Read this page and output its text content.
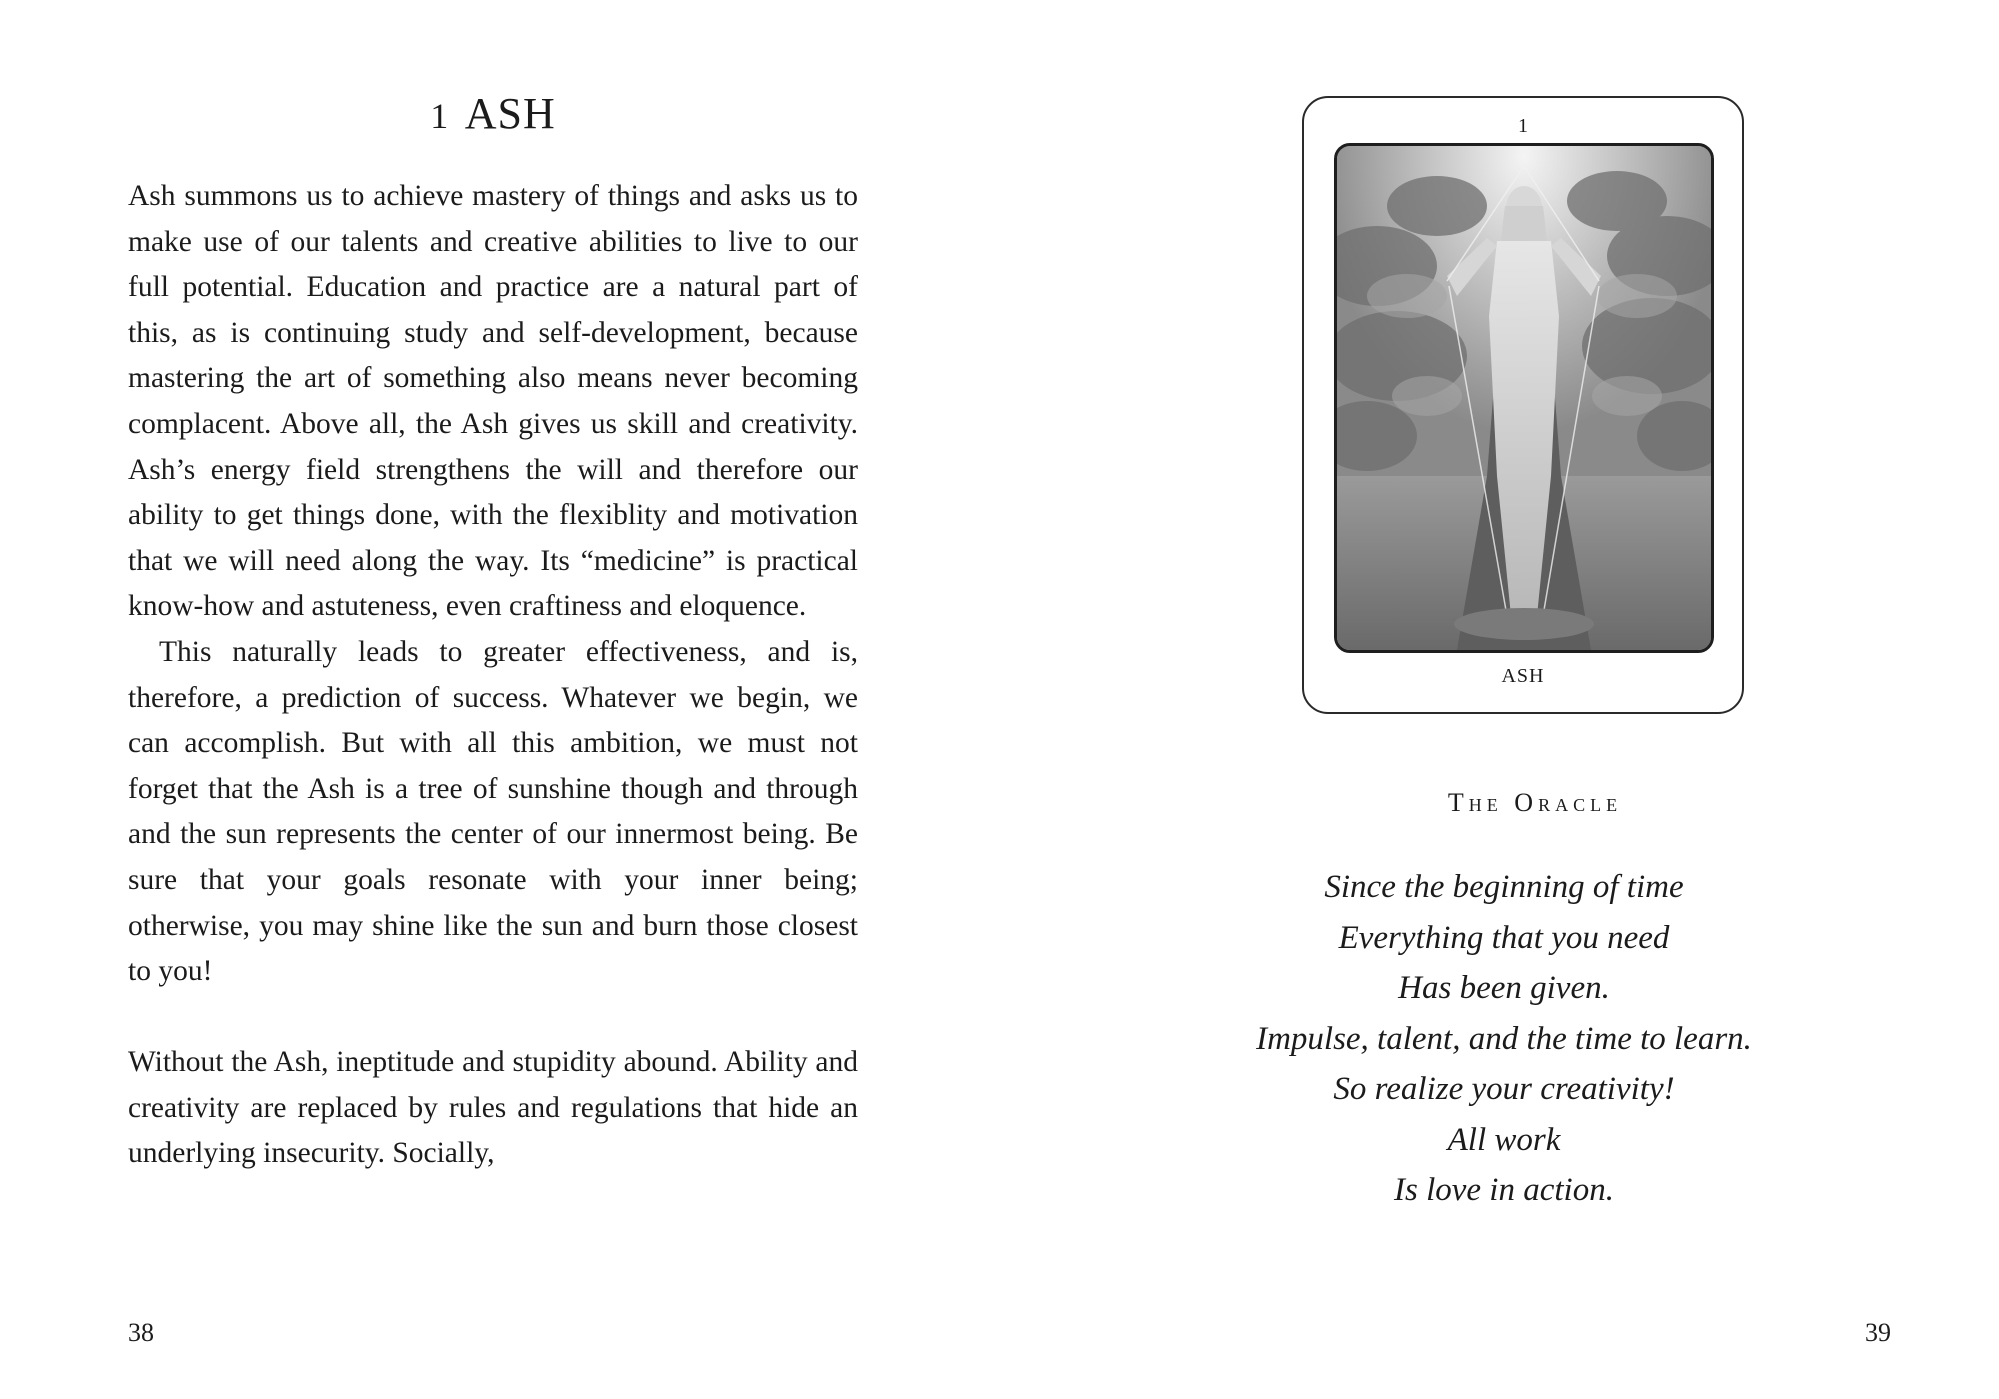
1 ASH

Ash summons us to achieve mastery of things and asks us to make use of our talents and creative abilities to live to our full potential. Education and practice are a natural part of this, as is continuing study and self-development, because mastering the art of something also means never becoming complacent. Above all, the Ash gives us skill and creativity. Ash’s energy field strengthens the will and therefore our ability to get things done, with the flexiblity and motivation that we will need along the way. Its “medicine” is practical know-how and astuteness, even craftiness and eloquence.

This naturally leads to greater effectiveness, and is, therefore, a prediction of success. Whatever we begin, we can accomplish. But with all this ambition, we must not forget that the Ash is a tree of sunshine though and through and the sun represents the center of our innermost being. Be sure that your goals resonate with your inner being; otherwise, you may shine like the sun and burn those closest to you!

Without the Ash, ineptitude and stupidity abound. Ability and creativity are replaced by rules and regulations that hide an underlying insecurity. Socially,

38
1
ASH
The Oracle
Since the beginning of time
Everything that you need
Has been given.
Impulse, talent, and the time to learn.
So realize your creativity!
All work
Is love in action.
39
